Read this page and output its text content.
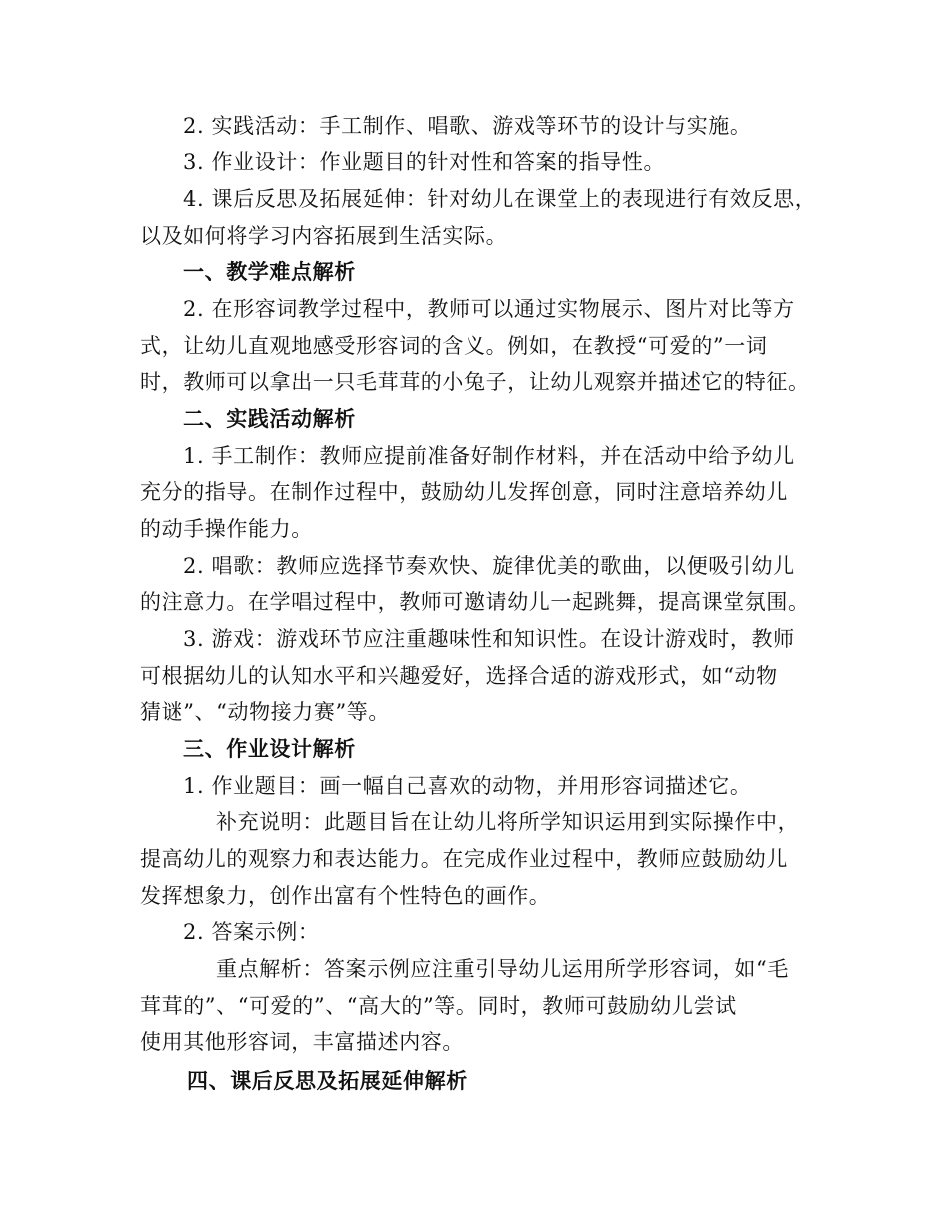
2. 实践活动：手工制作、唱歌、游戏等环节的设计与实施。
3. 作业设计：作业题目的针对性和答案的指导性。
4. 课后反思及拓展延伸：针对幼儿在课堂上的表现进行有效反思，
以及如何将学习内容拓展到生活实际。
一、教学难点解析
2. 在形容词教学过程中，教师可以通过实物展示、图片对比等方
式，让幼儿直观地感受形容词的含义。例如，在教授“可爱的”一词
时，教师可以拿出一只毛茸茸的小兔子，让幼儿观察并描述它的特征。
二、实践活动解析
1. 手工制作：教师应提前准备好制作材料，并在活动中给予幼儿
充分的指导。在制作过程中，鼓励幼儿发挥创意，同时注意培养幼儿
的动手操作能力。
2. 唱歌：教师应选择节奏欢快、旋律优美的歌曲，以便吸引幼儿
的注意力。在学唱过程中，教师可邀请幼儿一起跳舞，提高课堂氛围。
3. 游戏：游戏环节应注重趣味性和知识性。在设计游戏时，教师
可根据幼儿的认知水平和兴趣爱好，选择合适的游戏形式，如“动物
猜谜”、“动物接力赛”等。
三、作业设计解析
1. 作业题目：画一幅自己喜欢的动物，并用形容词描述它。
补充说明：此题目旨在让幼儿将所学知识运用到实际操作中，
提高幼儿的观察力和表达能力。在完成作业过程中，教师应鼓励幼儿
发挥想象力，创作出富有个性特色的画作。
2. 答案示例：
重点解析：答案示例应注重引导幼儿运用所学形容词，如“毛
茸茸的”、“可爱的”、“高大的”等。同时，教师可鼓励幼儿尝试
使用其他形容词，丰富描述内容。
四、课后反思及拓展延伸解析
